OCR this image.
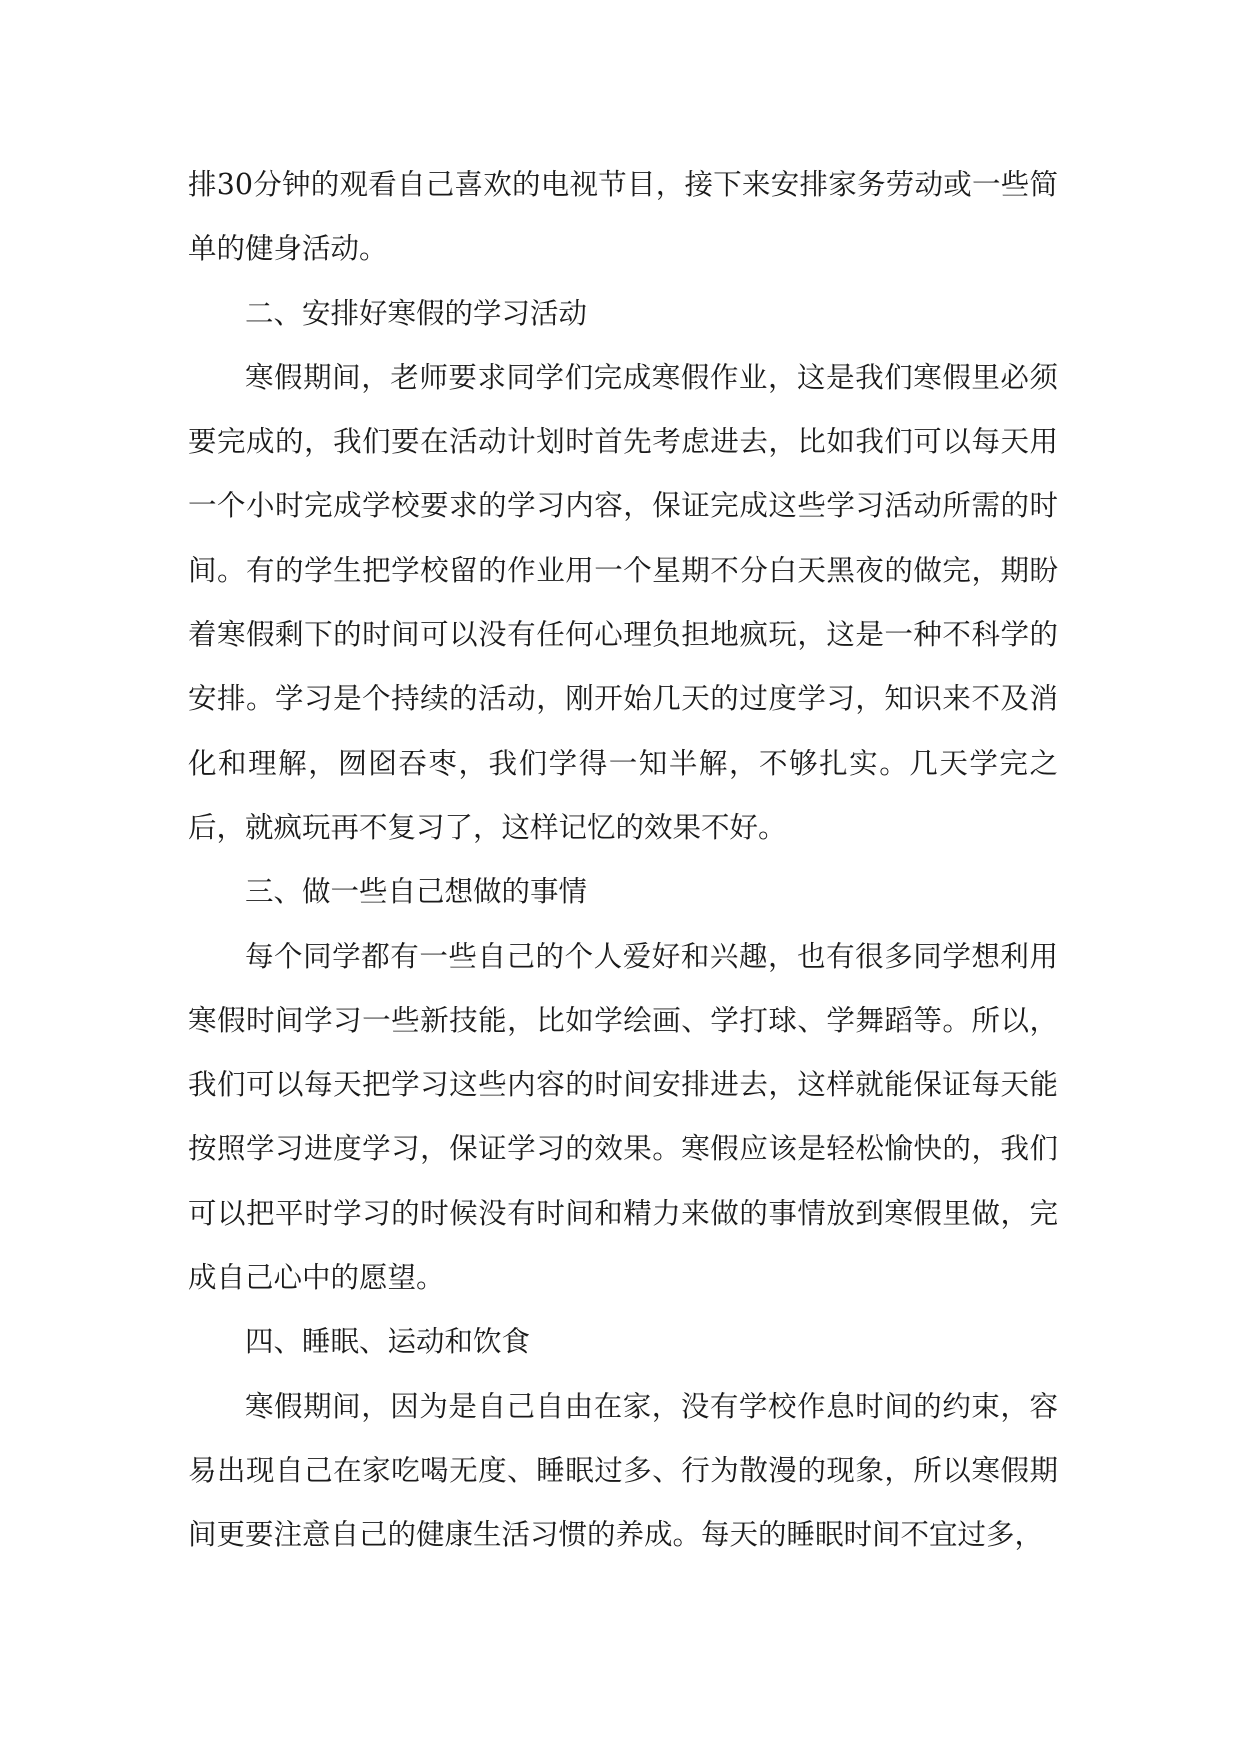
排30分钟的观看自己喜欢的电视节目，接下来安排家务劳动或一些简单的健身活动。

二、安排好寒假的学习活动

寒假期间，老师要求同学们完成寒假作业，这是我们寒假里必须要完成的，我们要在活动计划时首先考虑进去，比如我们可以每天用一个小时完成学校要求的学习内容，保证完成这些学习活动所需的时间。有的学生把学校留的作业用一个星期不分白天黑夜的做完，期盼着寒假剩下的时间可以没有任何心理负担地疯玩，这是一种不科学的安排。学习是个持续的活动，刚开始几天的过度学习，知识来不及消化和理解，囫囵吞枣，我们学得一知半解，不够扎实。几天学完之后，就疯玩再不复习了，这样记忆的效果不好。

三、做一些自己想做的事情

每个同学都有一些自己的个人爱好和兴趣，也有很多同学想利用寒假时间学习一些新技能，比如学绘画、学打球、学舞蹈等。所以，我们可以每天把学习这些内容的时间安排进去，这样就能保证每天能按照学习进度学习，保证学习的效果。寒假应该是轻松愉快的，我们可以把平时学习的时候没有时间和精力来做的事情放到寒假里做，完成自己心中的愿望。

四、睡眠、运动和饮食

寒假期间，因为是自己自由在家，没有学校作息时间的约束，容易出现自己在家吃喝无度、睡眠过多、行为散漫的现象，所以寒假期间更要注意自己的健康生活习惯的养成。每天的睡眠时间不宜过多，
